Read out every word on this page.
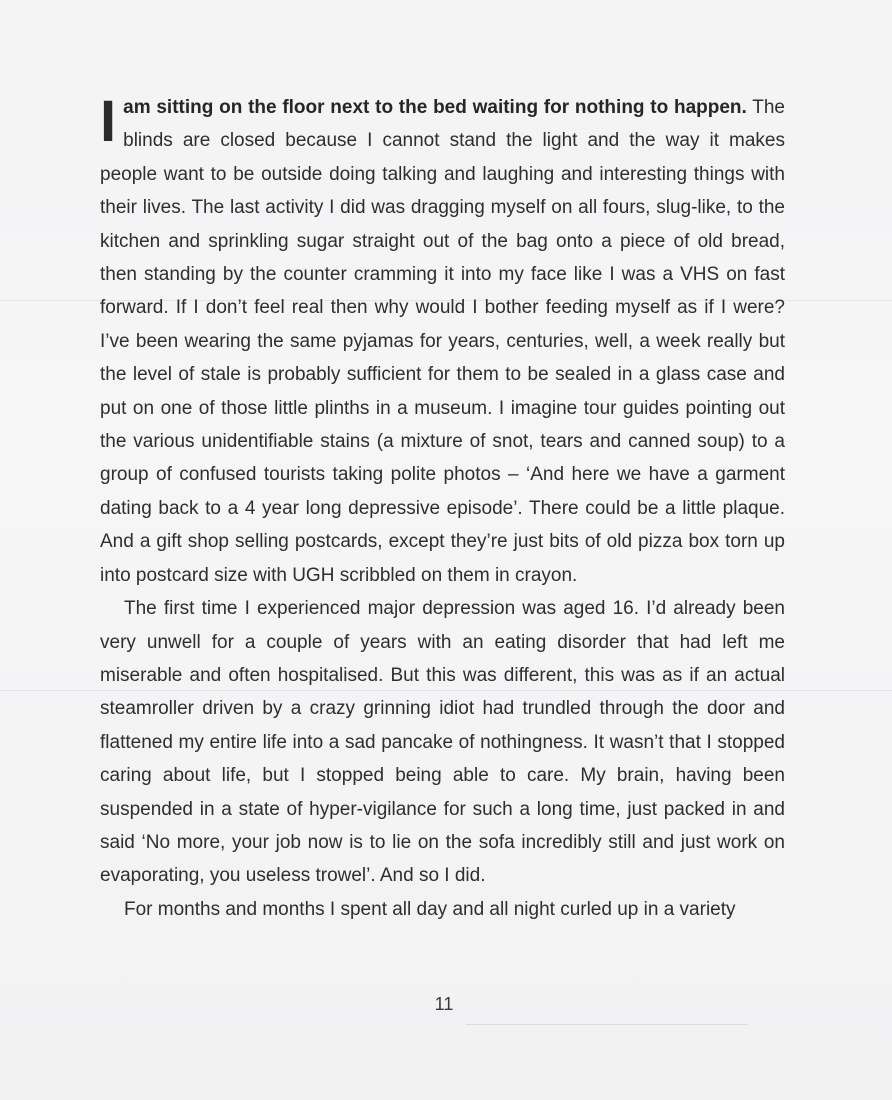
I am sitting on the floor next to the bed waiting for nothing to happen. The blinds are closed because I cannot stand the light and the way it makes people want to be outside doing talking and laughing and interesting things with their lives. The last activity I did was dragging myself on all fours, slug-like, to the kitchen and sprinkling sugar straight out of the bag onto a piece of old bread, then standing by the counter cramming it into my face like I was a VHS on fast forward. If I don’t feel real then why would I bother feeding myself as if I were? I’ve been wearing the same pyjamas for years, centuries, well, a week really but the level of stale is probably sufficient for them to be sealed in a glass case and put on one of those little plinths in a museum. I imagine tour guides pointing out the various unidentifiable stains (a mixture of snot, tears and canned soup) to a group of confused tourists taking polite photos – ‘And here we have a garment dating back to a 4 year long depressive episode’. There could be a little plaque. And a gift shop selling postcards, except they’re just bits of old pizza box torn up into postcard size with UGH scribbled on them in crayon.

The first time I experienced major depression was aged 16. I’d already been very unwell for a couple of years with an eating disorder that had left me miserable and often hospitalised. But this was different, this was as if an actual steamroller driven by a crazy grinning idiot had trundled through the door and flattened my entire life into a sad pancake of nothingness. It wasn’t that I stopped caring about life, but I stopped being able to care. My brain, having been suspended in a state of hyper-vigilance for such a long time, just packed in and said ‘No more, your job now is to lie on the sofa incredibly still and just work on evaporating, you useless trowel’. And so I did.

For months and months I spent all day and all night curled up in a variety

11
